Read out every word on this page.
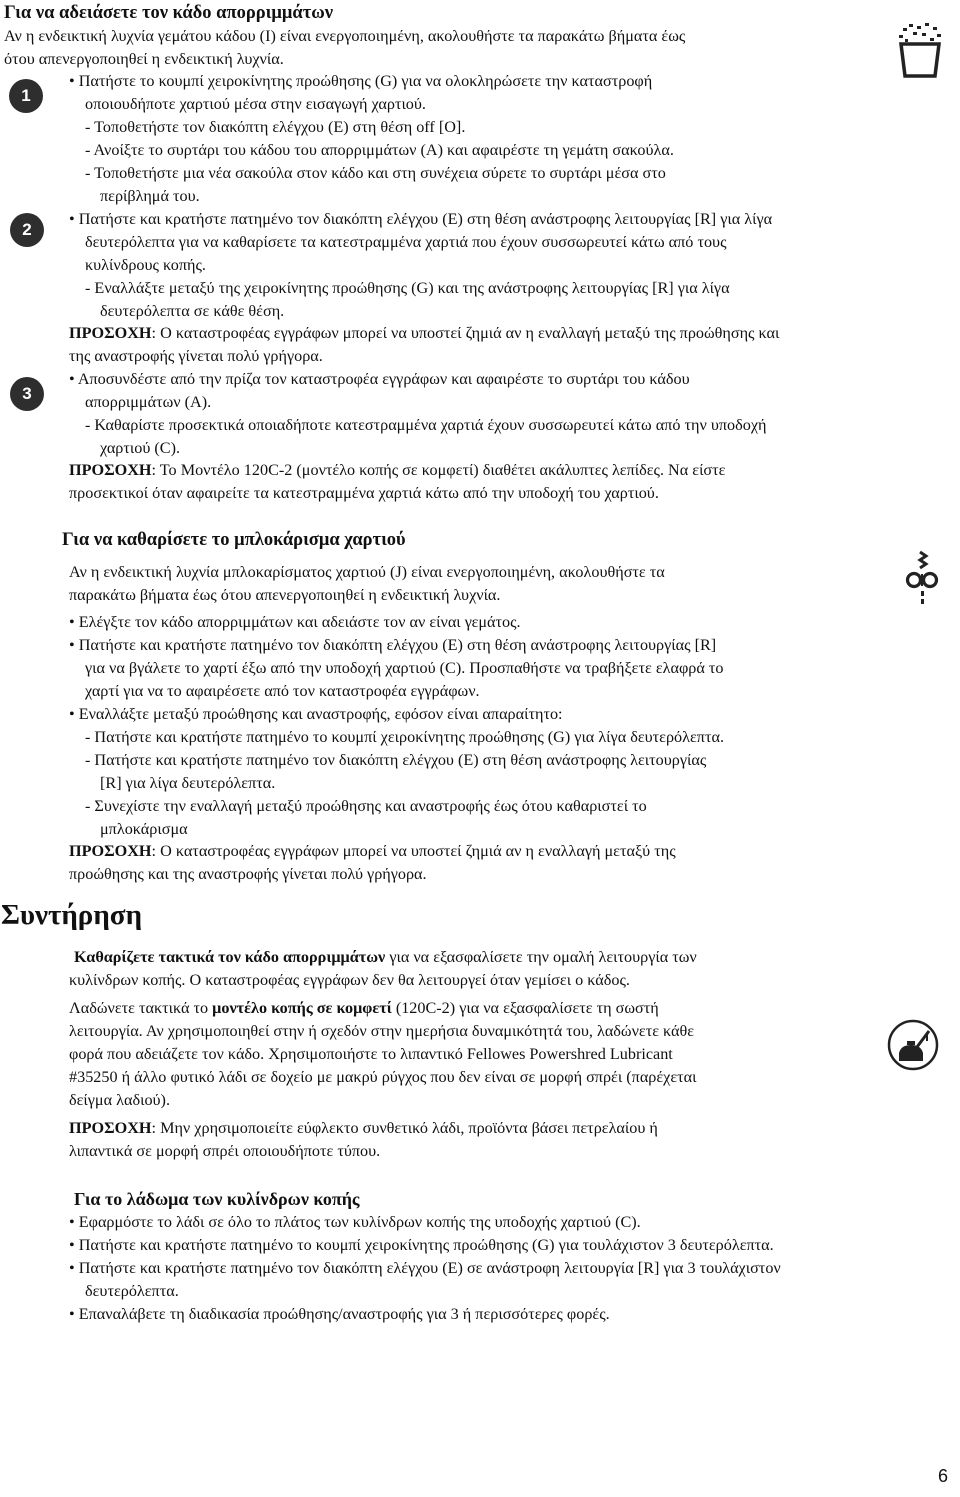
Για να αδειάσετε τον κάδο απορριμμάτων
Αν η ενδεικτική λυχνία γεμάτου κάδου (I) είναι ενεργοποιημένη, ακολουθήστε τα παρακάτω βήματα έως
ότου απενεργοποιηθεί η ενδεικτική λυχνία.
1
2
3
• Πατήστε το κουμπί χειροκίνητης προώθησης (G) για να ολοκληρώσετε την καταστροφή
οποιουδήποτε χαρτιού μέσα στην εισαγωγή χαρτιού.
- Τοποθετήστε τον διακόπτη ελέγχου (E) στη θέση off [O].
- Ανοίξτε το συρτάρι του κάδου του απορριμμάτων (A) και αφαιρέστε τη γεμάτη σακούλα.
- Τοποθετήστε μια νέα σακούλα στον κάδο και στη συνέχεια σύρετε το συρτάρι μέσα στο
περίβλημά του.
• Πατήστε και κρατήστε πατημένο τον διακόπτη ελέγχου (E) στη θέση ανάστροφης λειτουργίας [R] για λίγα
δευτερόλεπτα για να καθαρίσετε τα κατεστραμμένα χαρτιά που έχουν συσσωρευτεί κάτω από τους
κυλίνδρους κοπής.
- Εναλλάξτε μεταξύ της χειροκίνητης προώθησης (G) και της ανάστροφης λειτουργίας [R] για λίγα
δευτερόλεπτα σε κάθε θέση.
ΠΡΟΣΟΧΗ: Ο καταστροφέας εγγράφων μπορεί να υποστεί ζημιά αν η εναλλαγή μεταξύ της προώθησης και
της αναστροφής γίνεται πολύ γρήγορα.
• Αποσυνδέστε από την πρίζα τον καταστροφέα εγγράφων και αφαιρέστε το συρτάρι του κάδου
απορριμμάτων (A).
- Καθαρίστε προσεκτικά οποιαδήποτε κατεστραμμένα χαρτιά έχουν συσσωρευτεί κάτω από την υποδοχή
χαρτιού (C).
ΠΡΟΣΟΧΗ: Το Μοντέλο 120C-2 (μοντέλο κοπής σε κομφετί) διαθέτει ακάλυπτες λεπίδες. Να είστε
προσεκτικοί όταν αφαιρείτε τα κατεστραμμένα χαρτιά κάτω από την υποδοχή του χαρτιού.
Για να καθαρίσετε το μπλοκάρισμα χαρτιού
Αν η ενδεικτική λυχνία μπλοκαρίσματος χαρτιού (J) είναι ενεργοποιημένη, ακολουθήστε τα
παρακάτω βήματα έως ότου απενεργοποιηθεί η ενδεικτική λυχνία.
• Ελέγξτε τον κάδο απορριμμάτων και αδειάστε τον αν είναι γεμάτος.
• Πατήστε και κρατήστε πατημένο τον διακόπτη ελέγχου (E) στη θέση ανάστροφης λειτουργίας [R]
για να βγάλετε το χαρτί έξω από την υποδοχή χαρτιού (C). Προσπαθήστε να τραβήξετε ελαφρά το
χαρτί για να το αφαιρέσετε από τον καταστροφέα εγγράφων.
• Εναλλάξτε μεταξύ προώθησης και αναστροφής, εφόσον είναι απαραίτητο:
- Πατήστε και κρατήστε πατημένο το κουμπί χειροκίνητης προώθησης (G) για λίγα δευτερόλεπτα.
- Πατήστε και κρατήστε πατημένο τον διακόπτη ελέγχου (E) στη θέση ανάστροφης λειτουργίας
[R] για λίγα δευτερόλεπτα.
- Συνεχίστε την εναλλαγή μεταξύ προώθησης και αναστροφής έως ότου καθαριστεί το
μπλοκάρισμα
ΠΡΟΣΟΧΗ: Ο καταστροφέας εγγράφων μπορεί να υποστεί ζημιά αν η εναλλαγή μεταξύ της
προώθησης και της αναστροφής γίνεται πολύ γρήγορα.
Συντήρηση
Καθαρίζετε τακτικά τον κάδο απορριμμάτων για να εξασφαλίσετε την ομαλή λειτουργία των
κυλίνδρων κοπής. Ο καταστροφέας εγγράφων δεν θα λειτουργεί όταν γεμίσει ο κάδος.
Λαδώνετε τακτικά το μοντέλο κοπής σε κομφετί (120C-2) για να εξασφαλίσετε τη σωστή
λειτουργία. Αν χρησιμοποιηθεί στην ή σχεδόν στην ημερήσια δυναμικότητά του, λαδώνετε κάθε
φορά που αδειάζετε τον κάδο. Χρησιμοποιήστε το λιπαντικό Fellowes Powershred Lubricant
#35250 ή άλλο φυτικό λάδι σε δοχείο με μακρύ ρύγχος που δεν είναι σε μορφή σπρέι (παρέχεται
δείγμα λαδιού).
ΠΡΟΣΟΧΗ: Μην χρησιμοποιείτε εύφλεκτο συνθετικό λάδι, προϊόντα βάσει πετρελαίου ή
λιπαντικά σε μορφή σπρέι οποιουδήποτε τύπου.
Για το λάδωμα των κυλίνδρων κοπής
• Εφαρμόστε το λάδι σε όλο το πλάτος των κυλίνδρων κοπής της υποδοχής χαρτιού (C).
• Πατήστε και κρατήστε πατημένο το κουμπί χειροκίνητης προώθησης (G) για τουλάχιστον 3 δευτερόλεπτα.
• Πατήστε και κρατήστε πατημένο τον διακόπτη ελέγχου (E) σε ανάστροφη λειτουργία [R] για 3 τουλάχιστον
δευτερόλεπτα.
• Επαναλάβετε τη διαδικασία προώθησης/αναστροφής για 3 ή περισσότερες φορές.
6
